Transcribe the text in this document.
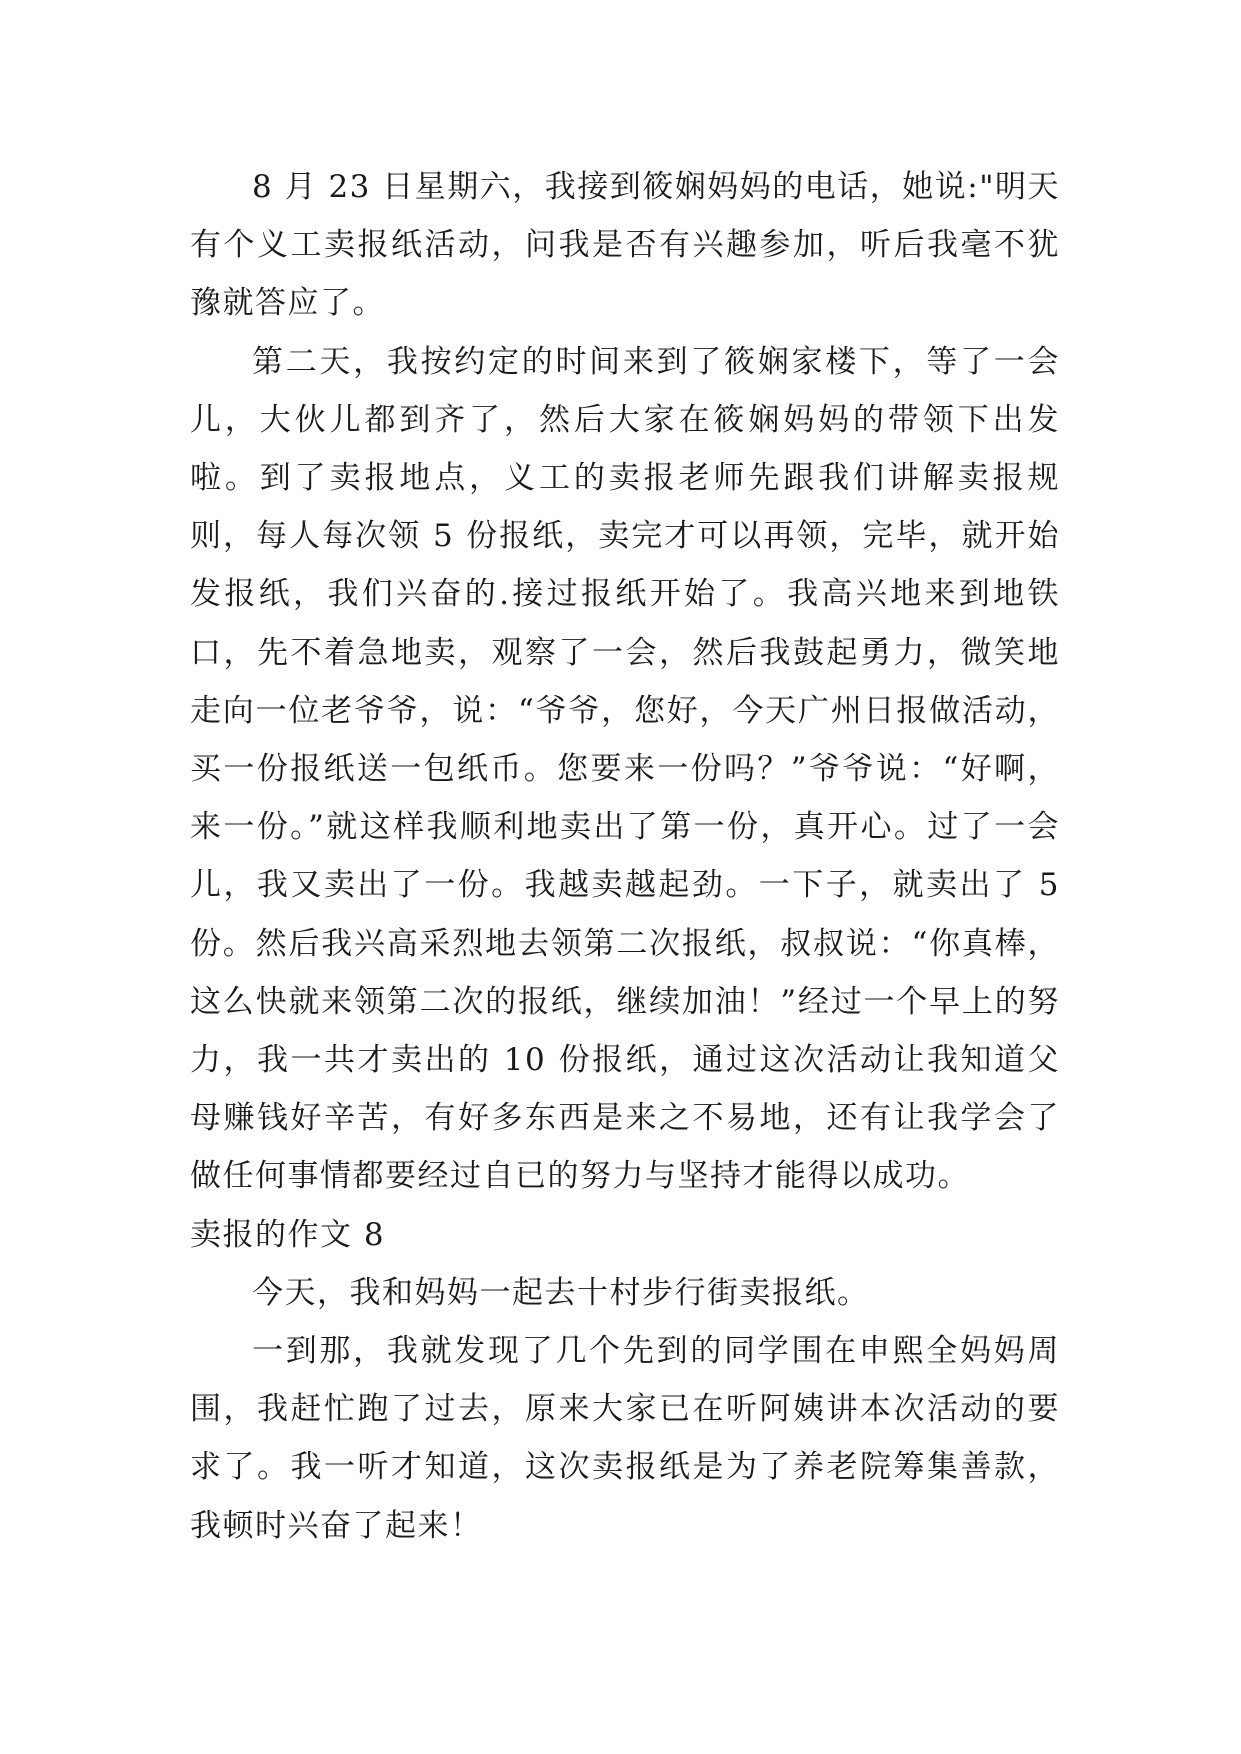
8 月 23 日星期六，我接到筱娴妈妈的电话，她说:"明天有个义工卖报纸活动，问我是否有兴趣参加，听后我毫不犹豫就答应了。

第二天，我按约定的时间来到了筱娴家楼下，等了一会儿，大伙儿都到齐了，然后大家在筱娴妈妈的带领下出发啦。到了卖报地点，义工的卖报老师先跟我们讲解卖报规则，每人每次领 5 份报纸，卖完才可以再领，完毕，就开始发报纸，我们兴奋的.接过报纸开始了。我高兴地来到地铁口，先不着急地卖，观察了一会，然后我鼓起勇力，微笑地走向一位老爷爷，说：“爷爷，您好，今天广州日报做活动，买一份报纸送一包纸币。您要来一份吗？”爷爷说：“好啊，来一份。”就这样我顺利地卖出了第一份，真开心。过了一会儿，我又卖出了一份。我越卖越起劲。一下子，就卖出了 5 份。然后我兴高采烈地去领第二次报纸，叔叔说：“你真棒，这么快就来领第二次的报纸，继续加油！”经过一个早上的努力，我一共才卖出的 10 份报纸，通过这次活动让我知道父母赚钱好辛苦，有好多东西是来之不易地，还有让我学会了做任何事情都要经过自已的努力与坚持才能得以成功。

卖报的作文 8

今天，我和妈妈一起去十村步行街卖报纸。

一到那，我就发现了几个先到的同学围在申熙全妈妈周围，我赶忙跑了过去，原来大家已在听阿姨讲本次活动的要求了。我一听才知道，这次卖报纸是为了养老院筹集善款，我顿时兴奋了起来！
